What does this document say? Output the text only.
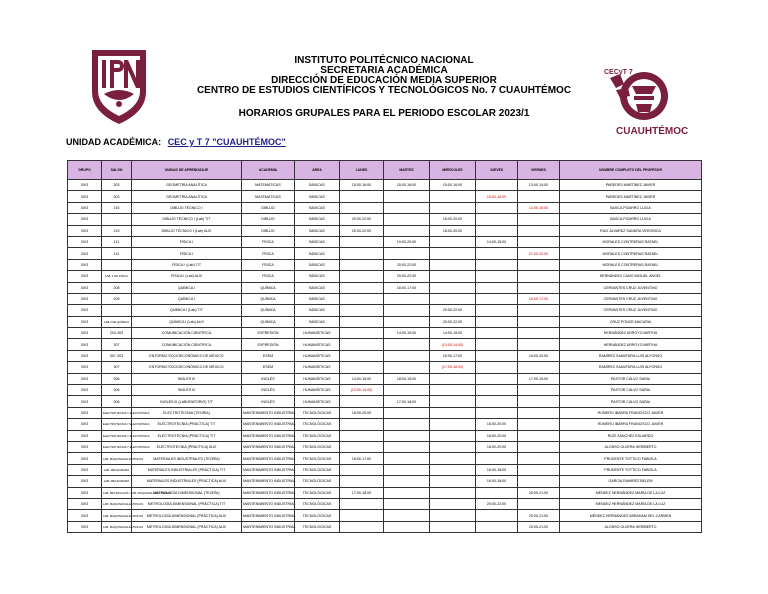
CECyT 7
CUAUHTÉMOC
INSTITUTO POLITÉCNICO NACIONAL
SECRETARIA ACADÉMICA
DIRECCIÓN DE EDUCACIÓN MEDIA SUPERIOR
CENTRO DE ESTUDIOS CIENTÍFICOS Y TECNOLÓGICOS No. 7 CUAUHTÉMOC
HORARIOS GRUPALES PARA EL PERIODO ESCOLAR 2023/1
UNIDAD ACADÉMICA: CEC y T 7 "CUAUHTÉMOC"
GRUPO	SALÓN	UNIDAD DE APRENDIZAJE	ACADEMIA	ÁREA	LUNES	MARTES	MIÉRCOLES	JUEVES	VIERNES	NOMBRE COMPLETO DEL PROFESOR
3IV3	303	GEOMETRÍA ANALÍTICA	MATEMÁTICAS	BÁSICAS	15:00-16:00	15:00-16:00	15:00-16:00		13:00-14:00	PAREDES MARTÍNEZ JAVIER
3IV3	303	GEOMETRÍA ANALÍTICA	MATEMÁTICAS	BÁSICAS				15:00-16:00		PAREDES MARTÍNEZ JAVIER
3IV3	215	DIBUJO TÉCNICO I	DIBUJO	BÁSICAS					14:00-15:00	BASCA PIZARRO LUCIA
3IV3		DIBUJO TÉCNICO I (Lab) T/T	DIBUJO	BÁSICAS	20:00-22:00		18:00-20:00			BASCA PIZARRO LUCIA
3IV3	215	DIBUJO TÉCNICO I (Lab) AUX	DIBUJO	BÁSICAS	20:00-22:00		18:00-20:00			RUIZ ÁLVAREZ SANDRA VERONICA
3IV3	111	FÍSICA I	FÍSICA	BÁSICAS		19:00-20:00		14:00-15:00		MORALES CONTRERAS RAFAEL
3IV3	111	FÍSICA I	FÍSICA	BÁSICAS					21:00-22:00	MORALES CONTRERAS RAFAEL
3IV3		FÍSICA I (Lab) T/T	FÍSICA	BÁSICAS		20:00-22:00				MORALES CONTRERAS RAFAEL
3IV3	LAB. 1 DE FÍSICA	FÍSICA I (Lab) AUX	FÍSICA	BÁSICAS		20:00-22:00				HERNÁNDEZ CANO MIGUEL ÁNGEL
3IV3	208	QUÍMICA I	QUÍMICA	BÁSICAS		16:00-17:00				CERVANTES CRUZ JUVENTINO
3IV3	209	QUÍMICA I	QUÍMICA	BÁSICAS					16:00-17:00	CERVANTES CRUZ JUVENTINO
3IV3		QUÍMICA I (Lab) T/T	QUÍMICA	BÁSICAS			20:00-22:00			CERVANTES CRUZ JUVENTINO
3IV3	LAB.3 DE QUÍMICA	QUÍMICA I (Lab) AUX	QUÍMICA	BÁSICAS			20:00-22:00			CRUZ PONCE MACARIA
3IV3	204-303	COMUNICACIÓN CIENTÍFICA	EXPRESIÓN	HUMANÍSTICAS		14:00-15:00	14:00-15:00			HERNÁNDEZ ARROYO MIRTHA
3IV3	307	COMUNICACIÓN CIENTÍFICA	EXPRESIÓN	HUMANÍSTICAS			(13:00-14:00)			HERNÁNDEZ ARROYO MIRTHA
3IV3	307-303	ENTORNO SOCIOECONÓMICO DE MÉXICO	ESEM	HUMANÍSTICAS			16:00-17:00		19:00-20:00	RAMÍREZ SAAVEDRA LUIS ALFONSO
3IV3	307	ENTORNO SOCIOECONÓMICO DE MÉXICO	ESEM	HUMANÍSTICAS			(17:00-18:00)			RAMÍREZ SAAVEDRA LUIS ALFONSO
3IV3	306	INGLÉS III	INGLÉS	HUMANÍSTICAS	14:00-15:00	18:00-19:00			17:00-19:00	PASTOR CALVO SARAI
3IV3	306	INGLÉS III	INGLÉS	HUMANÍSTICAS	(13:00-14:00)					PASTOR CALVO SARAI
3IV3	306	INGLÉS III (LABORATORIO) T/T	INGLÉS	HUMANÍSTICAS		17:00-18:00				PASTOR CALVO SARAI
3IV3	ELECTROTECNIA Y ELECTRÓNICA	ELECTROTECNIA (TEORÍA)	MANTENIMIENTO INDUSTRIAL	TECNOLÓGICAS	18:00-20:00					ROMERO IBARRA FRANCISCO JAVIER
3IV3	ELECTROTECNIA Y ELECTRÓNICA	ELECTROTECNIA (PRÁCTICA) T/T	MANTENIMIENTO INDUSTRIAL	TECNOLÓGICAS				18:00-20:00		ROMERO IBARRA FRANCISCO JAVIER
3IV3	ELECTROTECNIA Y ELECTRÓNICA	ELECTROTECNIA (PRÁCTICA) T/T	MANTENIMIENTO INDUSTRIAL	TECNOLÓGICAS				18:00-20:00		RUÍZ SÁNCHEZ EDUARDO
3IV3	ELECTROTECNIA Y ELECTRÓNICA	ELECTROTECNIA (PRÁCTICA) AUX	MANTENIMIENTO INDUSTRIAL	TECNOLÓGICAS				18:00-20:00		ALONSO OLVERA HERIBERTO
3IV3	LAB. MÁQUINAS ELÉCTRICAS	MATERIALES INDUSTRIALES (TEORÍA)	MANTENIMIENTO INDUSTRIAL	TECNOLÓGICAS	16:00-17:00					PRUDENTE TOTTICO FABIOLA
3IV3	LAB. MECANIZADO	MATERIALES INDUSTRIALES (PRÁCTICA) T/T	MANTENIMIENTO INDUSTRIAL	TECNOLÓGICAS				16:00-18:00		PRUDENTE TOTTICO FABIOLA
3IV3	LAB. MECANIZADO	MATERIALES INDUSTRIALES (PRÁCTICA) AUX	MANTENIMIENTO INDUSTRIAL	TECNOLÓGICAS				16:00-18:00		GARCIA RAMIREZ BELEM
3IV3	LAB. METROLOGÍA / LAB. MÁQUINAS ELÉCTRICAS	METROLOGÍA DIMENSIONAL (TEORÍA)	MANTENIMIENTO INDUSTRIAL	TECNOLÓGICAS	17:00-18:00				20:00-21:00	MÉNDEZ HERNÁNDEZ MARÍA DE LA LUZ
3IV3	LAB. MÁQUINAS ELÉCTRICAS	METROLOGÍA DIMENSIONAL (PRÁCTICA) T/T	MANTENIMIENTO INDUSTRIAL	TECNOLÓGICAS				20:00-22:00		MÉNDEZ HERNÁNDEZ MARÍA DE LA LUZ
3IV3	LAB. MÁQUINAS ELÉCTRICAS	METROLOGÍA DIMENSIONAL (PRÁCTICA) AUX	MANTENIMIENTO INDUSTRIAL	TECNOLÓGICAS					20:00-21:00	MÉNDEZ HERNÁNDEZ ABRAHAM DEL CARMEN
3IV3	LAB. MÁQUINAS ELÉCTRICAS	METROLOGÍA DIMENSIONAL (PRÁCTICA) AUX	MANTENIMIENTO INDUSTRIAL	TECNOLÓGICAS					20:00-21:00	ALONSO OLVERA HERIBERTO
